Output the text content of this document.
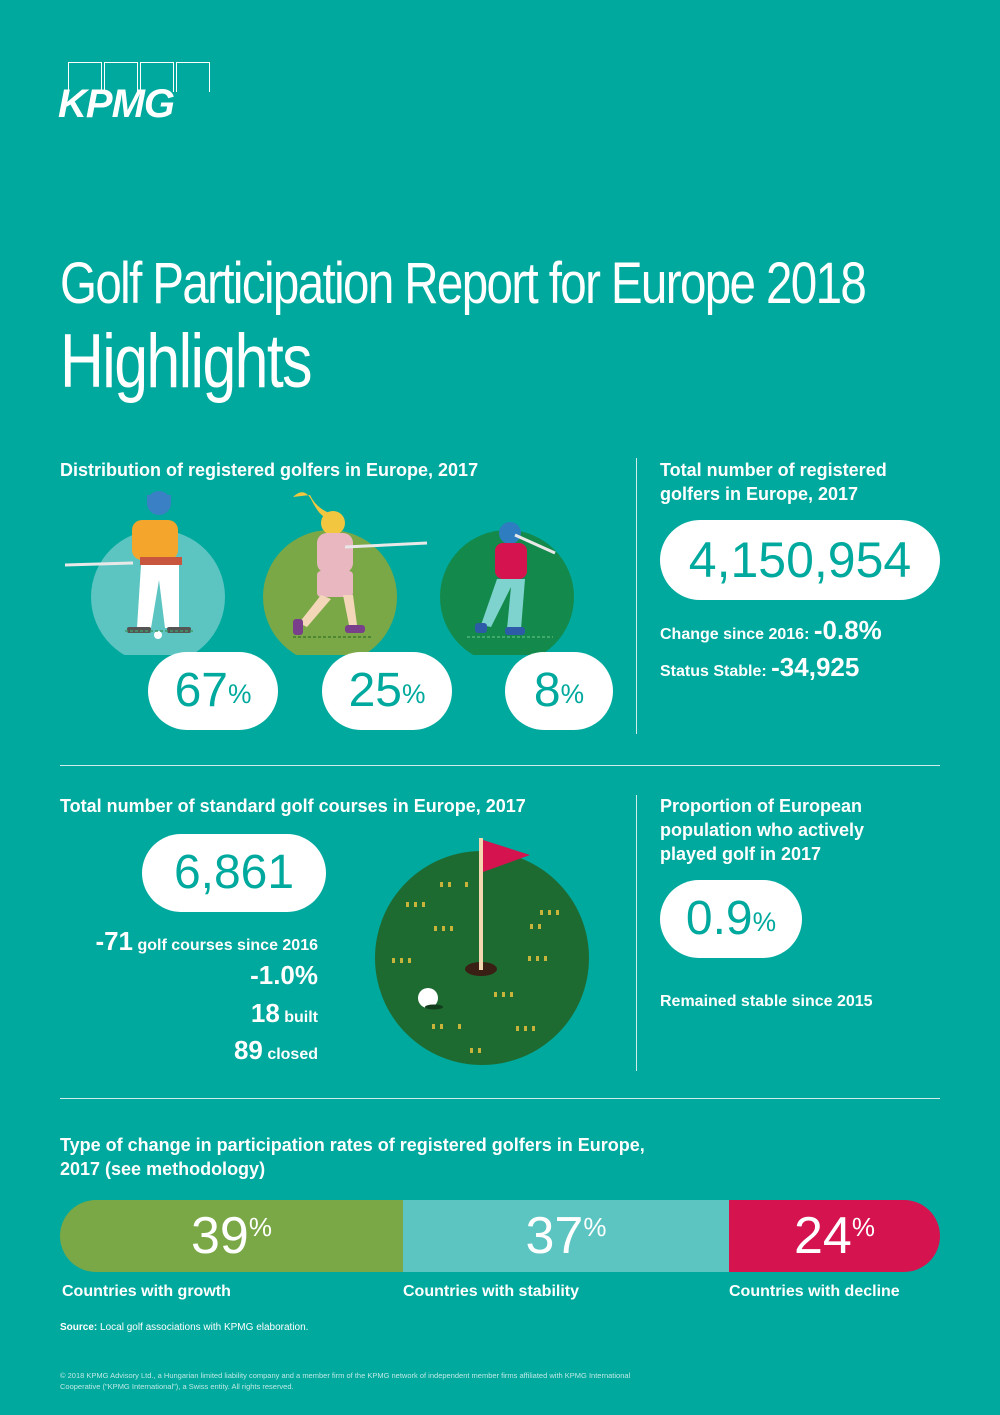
KPMG
Golf Participation Report for Europe 2018
Highlights
Distribution of registered golfers in Europe, 2017
67%	25%	8%
Total number of registered golfers in Europe, 2017
4,150,954
Change since 2016: -0.8%
Status Stable: -34,925
Total number of standard golf courses in Europe, 2017
6,861
-71 golf courses since 2016
-1.0%
18 built
89 closed
Proportion of European population who actively played golf in 2017
0.9%
Remained stable since 2015
Type of change in participation rates of registered golfers in Europe, 2017 (see methodology)
39%	37%	24%
Countries with growth	Countries with stability	Countries with decline
Source: Local golf associations with KPMG elaboration.
© 2018 KPMG Advisory Ltd., a Hungarian limited liability company and a member firm of the KPMG network of independent member firms affiliated with KPMG International Cooperative ("KPMG International"), a Swiss entity. All rights reserved.
